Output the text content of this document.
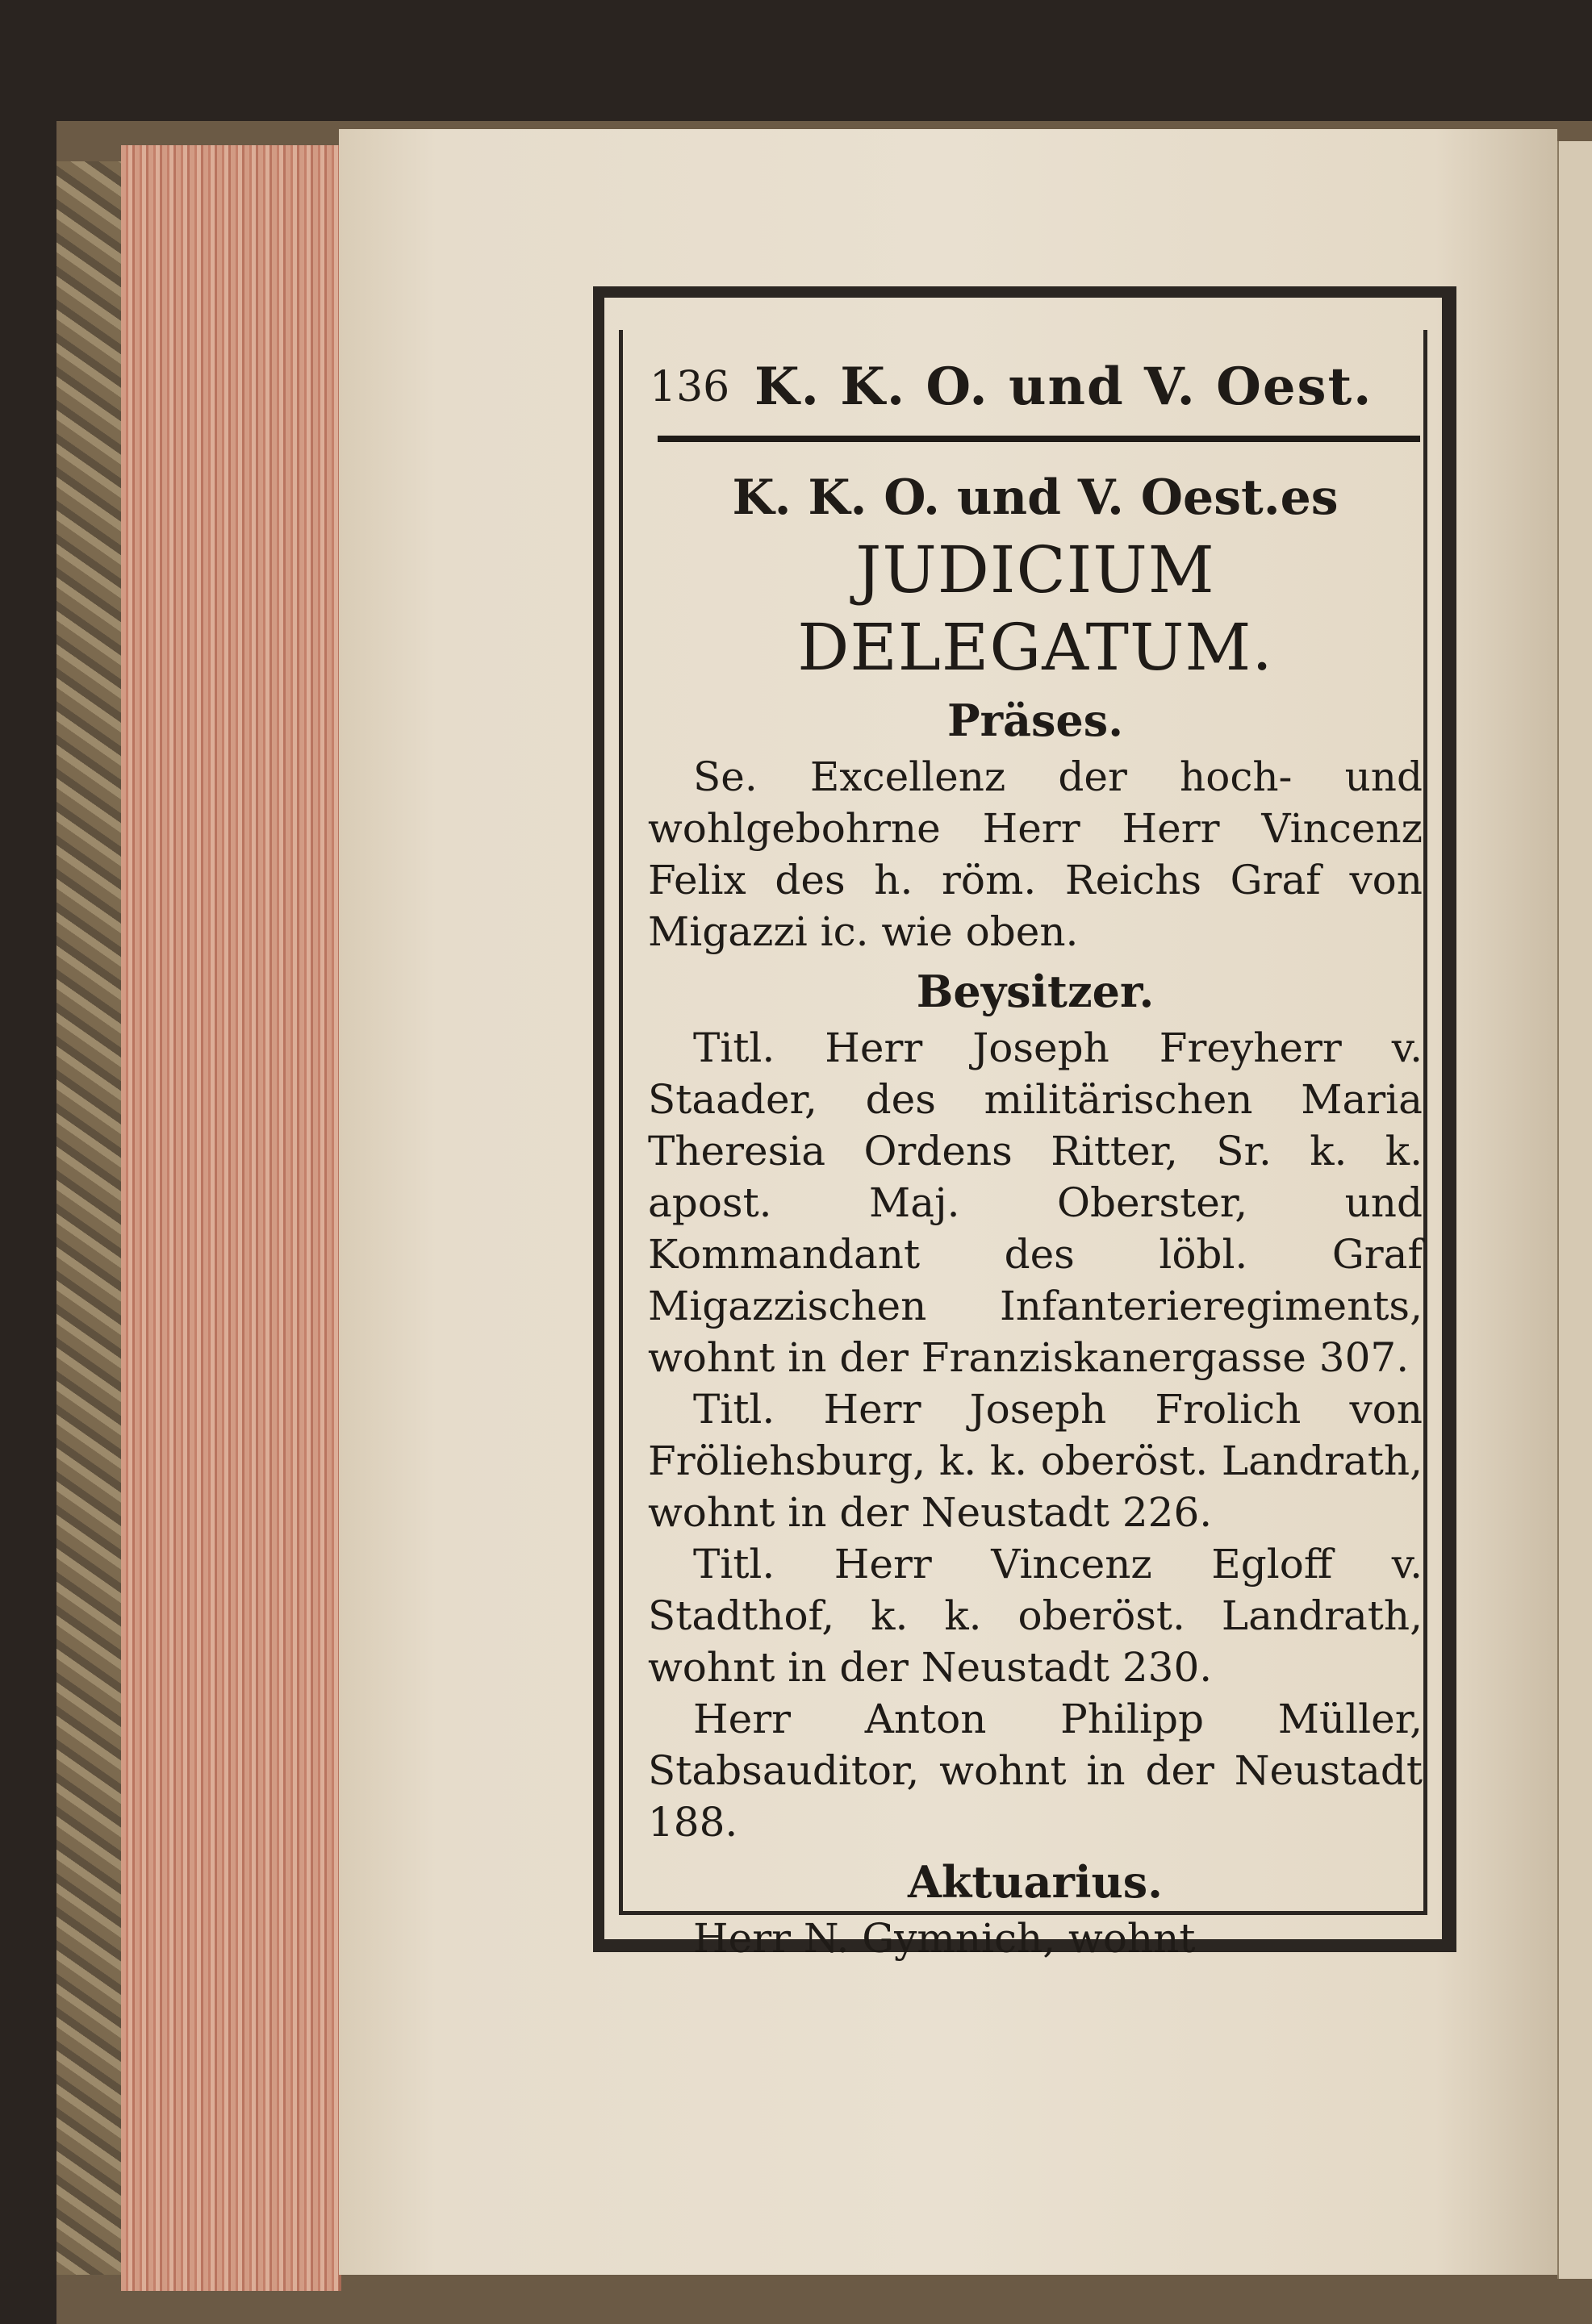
136 K. K. O. und V. Oest.
K. K. O. und V. Oest.es
JUDICIUM DELEGATUM.
Präses.

Se. Excellenz der hoch- und wohlgebohrne Herr Herr Vincenz Felix des h. röm. Reichs Graf von Migazzi ic. wie oben.

Beysitzer.

Titl. Herr Joseph Freyherr v. Staader, des militärischen Maria Theresia Ordens Ritter, Sr. k. k. apost. Maj. Oberster, und Kommandant des löbl. Graf Migazzischen Infanterieregiments, wohnt in der Franziskanergasse 307.

Titl. Herr Joseph Frolich von Fröliehsburg, k. k. oberöst. Landrath, wohnt in der Neustadt 226.

Titl. Herr Vincenz Egloff v. Stadthof, k. k. oberöst. Landrath, wohnt in der Neustadt 230.

Herr Anton Philipp Müller, Stabsauditor, wohnt in der Neustadt 188.

Aktuarius.

Herr N. Gymnich, wohnt
